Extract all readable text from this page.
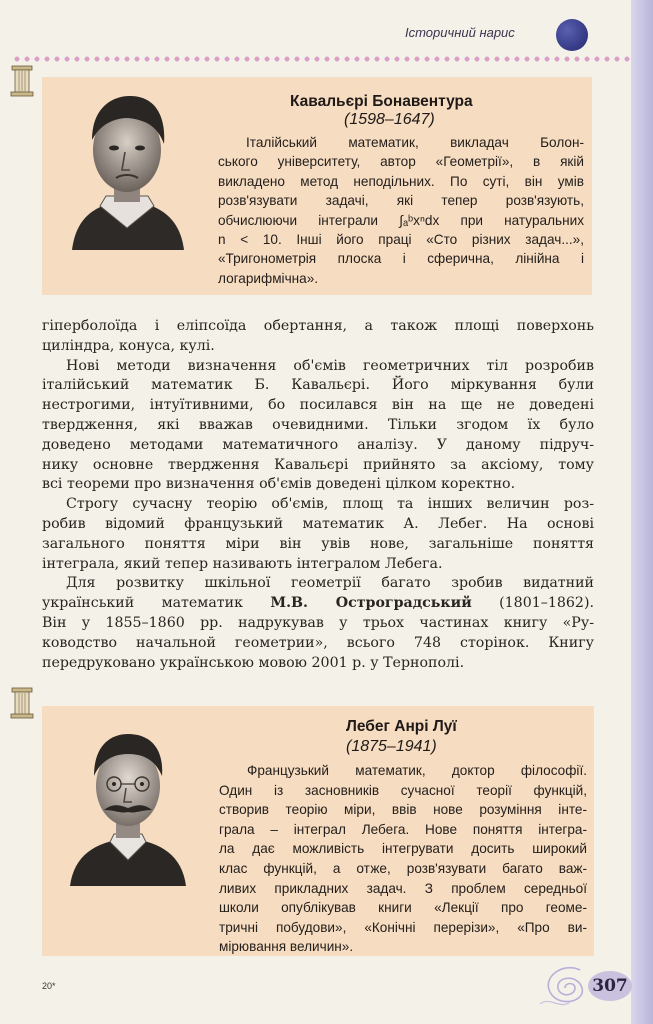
Історичний нарис
Кавальєрі Бонавентура
(1598–1647)
Італійський математик, викладач Болон-
ського університету, автор «Геометрії», в якій
викладено метод неподільних. По суті, він умів
розв'язувати задачі, які тепер розв'язують,
обчислюючи інтеграли ∫ₐᵇxⁿdx при натуральних
n < 10. Інші його праці «Сто різних задач...»,
«Тригонометрія плоска і сферична, лінійна і
логарифмічна».
гіперболоїда і еліпсоїда обертання, а також площі поверхонь
циліндра, конуса, кулі.
Нові методи визначення об'ємів геометричних тіл розробив
італійський математик Б. Кавальєрі. Його міркування були
нестрогими, інтуїтивними, бо посилався він на ще не доведені
твердження, які вважав очевидними. Тільки згодом їх було
доведено методами математичного аналізу. У даному підруч-
нику основне твердження Кавальєрі прийнято за аксіому, тому
всі теореми про визначення об'ємів доведені цілком коректно.
Строгу сучасну теорію об'ємів, площ та інших величин роз-
робив відомий французький математик А. Лебег. На основі
загального поняття міри він увів нове, загальніше поняття
інтеграла, який тепер називають інтегралом Лебега.
Для розвитку шкільної геометрії багато зробив видатний
український математик М.В. Остроградський (1801–1862).
Він у 1855–1860 рр. надрукував у трьох частинах книгу «Ру-
ководство начальной геометрии», всього 748 сторінок. Книгу
передруковано українською мовою 2001 р. у Тернополі.
Лебег Анрі Луї
(1875–1941)
Французький математик, доктор філософії.
Один із засновників сучасної теорії функцій,
створив теорію міри, ввів нове розуміння інте-
грала – інтеграл Лебега. Нове поняття інтегра-
ла дає можливість інтегрувати досить широкий
клас функцій, а отже, розв'язувати багато важ-
ливих прикладних задач. З проблем середньої
школи опублікував книги «Лекції про геоме-
тричні побудови», «Конічні перерізи», «Про ви-
мірювання величин».
20*	307
